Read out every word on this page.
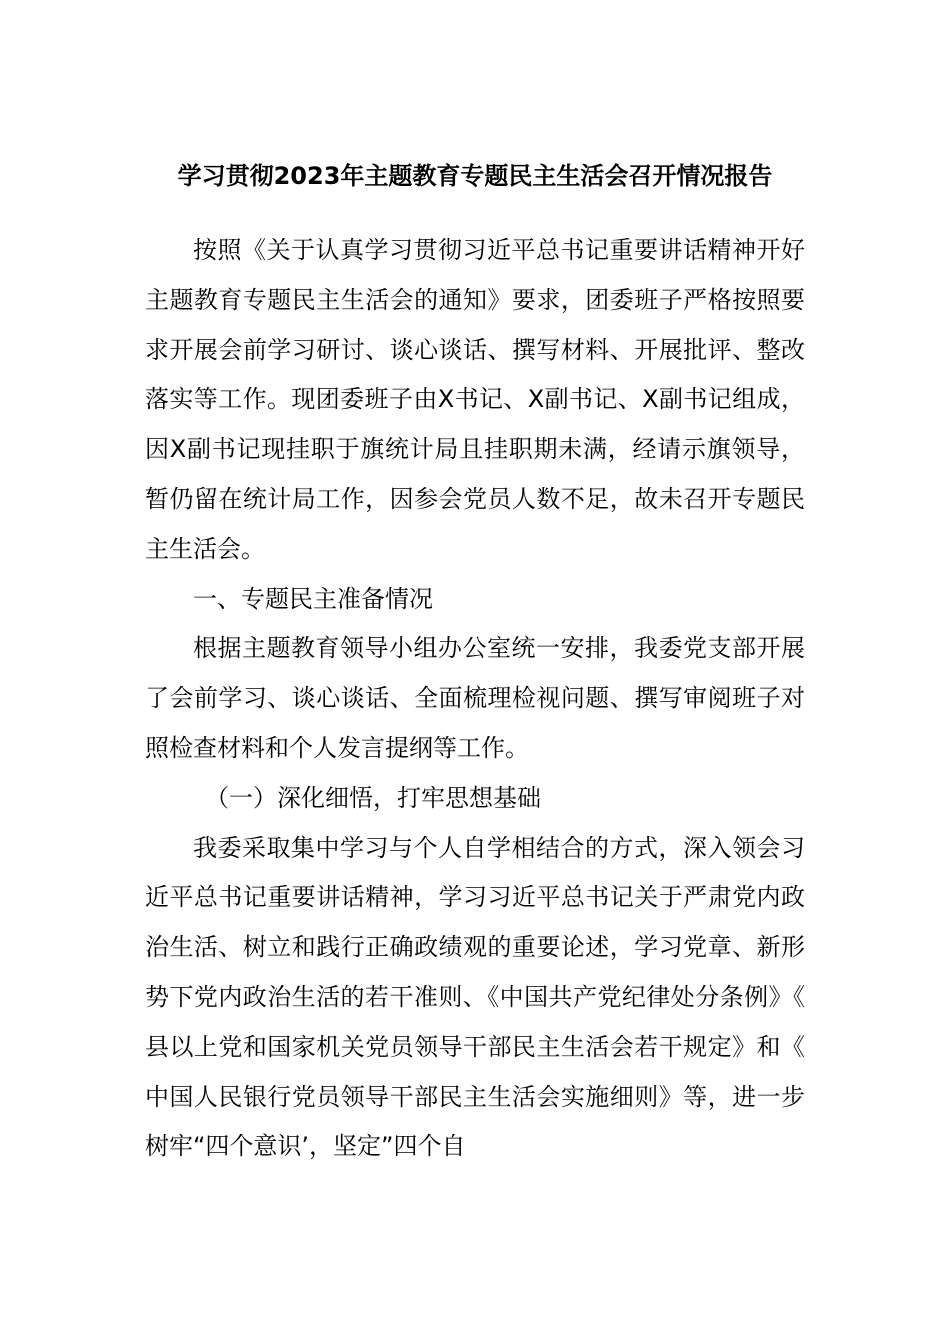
学习贯彻2023年主题教育专题民主生活会召开情况报告

按照《关于认真学习贯彻习近平总书记重要讲话精神开好主题教育专题民主生活会的通知》要求，团委班子严格按照要求开展会前学习研讨、谈心谈话、撰写材料、开展批评、整改落实等工作。现团委班子由X书记、X副书记、X副书记组成，因X副书记现挂职于旗统计局且挂职期未满，经请示旗领导，暂仍留在统计局工作，因参会党员人数不足，故未召开专题民主生活会。

一、专题民主准备情况

根据主题教育领导小组办公室统一安排，我委党支部开展了会前学习、谈心谈话、全面梳理检视问题、撰写审阅班子对照检查材料和个人发言提纲等工作。

（一）深化细悟，打牢思想基础

我委采取集中学习与个人自学相结合的方式，深入领会习近平总书记重要讲话精神，学习习近平总书记关于严肃党内政治生活、树立和践行正确政绩观的重要论述，学习党章、新形势下党内政治生活的若干准则、《中国共产党纪律处分条例》《县以上党和国家机关党员领导干部民主生活会若干规定》和《中国人民银行党员领导干部民主生活会实施细则》等，进一步树牢“四个意识’，坚定”四个自
